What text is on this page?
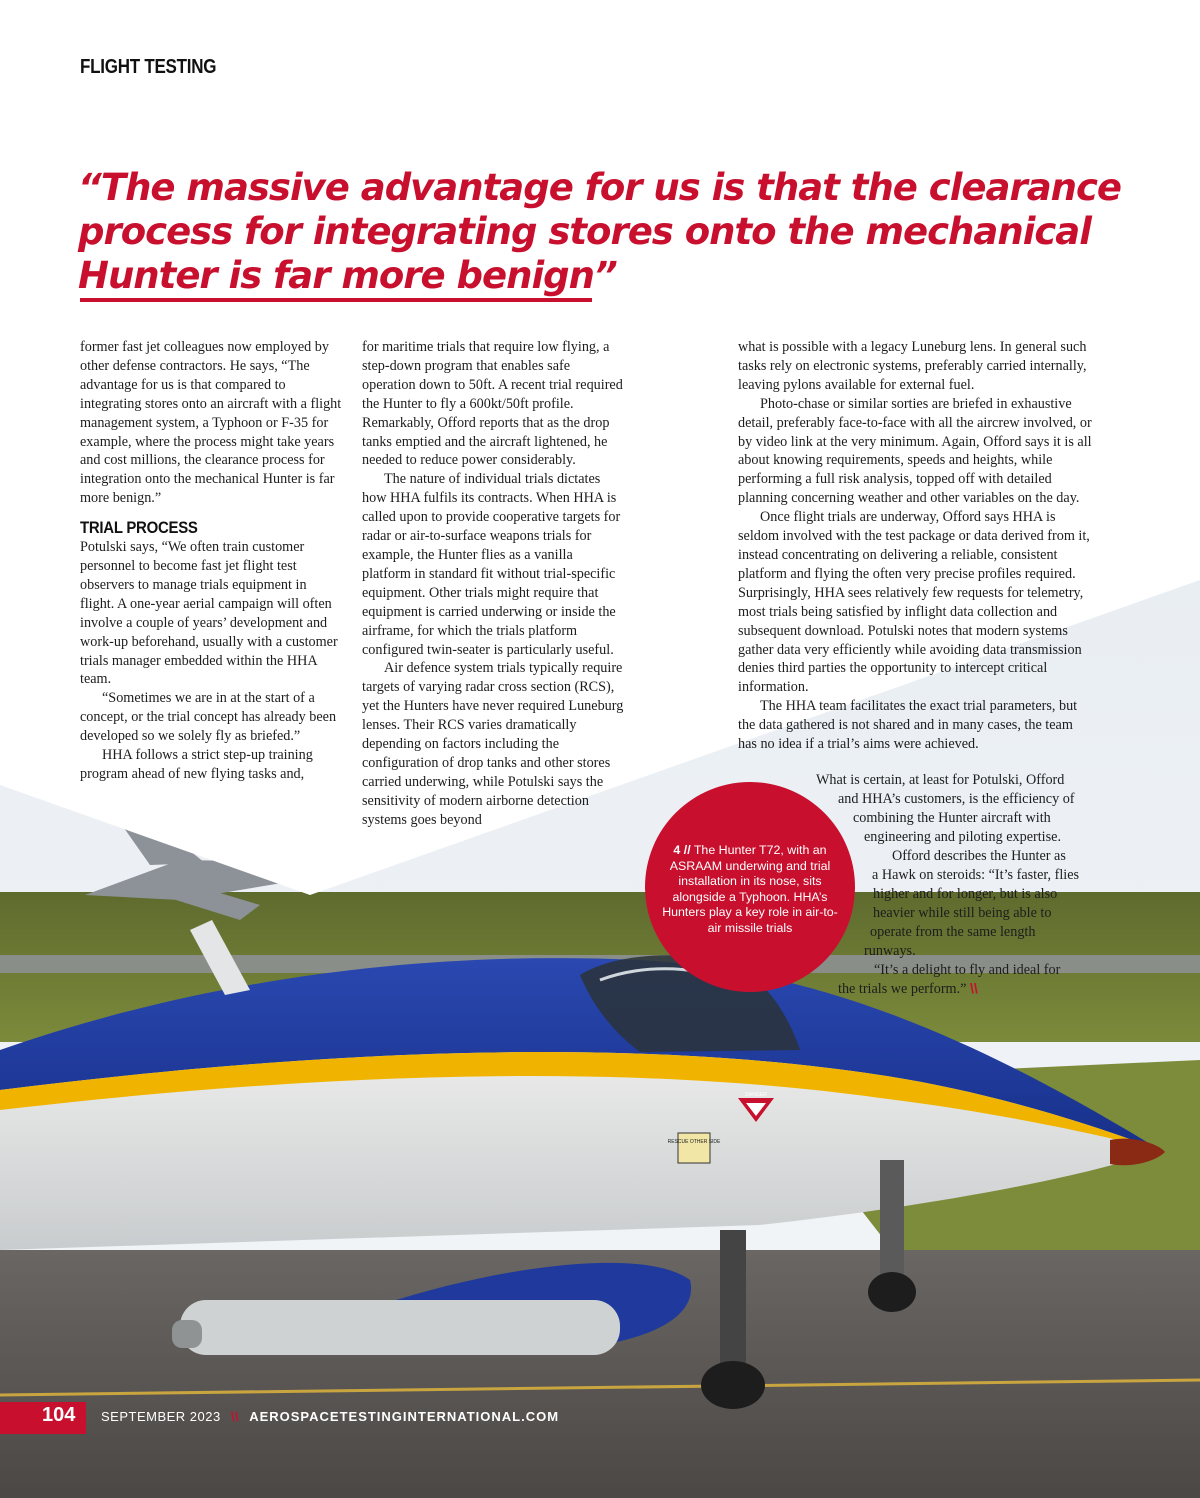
RESCUE OTHER SIDE
DANGER
FLIGHT TESTING
“The massive advantage for us is that the clearance
process for integrating stores onto the mechanical
Hunter is far more benign”

former fast jet colleagues now employed by other defense contractors. He says, “The advantage for us is that compared to integrating stores onto an aircraft with a flight management system, a Typhoon or F-35 for example, where the process might take years and cost millions, the clearance process for integration onto the mechanical Hunter is far more benign.”

TRIAL PROCESS

Potulski says, “We often train customer personnel to become fast jet flight test observers to manage trials equipment in flight. A one-year aerial campaign will often involve a couple of years’ development and work-up beforehand, usually with a customer trials manager embedded within the HHA team.

“Sometimes we are in at the start of a concept, or the trial concept has already been developed so we solely fly as briefed.”

HHA follows a strict step-up training program ahead of new flying tasks and,

for maritime trials that require low flying, a step-down program that enables safe operation down to 50ft. A recent trial required the Hunter to fly a 600kt/50ft profile. Remarkably, Offord reports that as the drop tanks emptied and the aircraft lightened, he needed to reduce power considerably.

The nature of individual trials dictates how HHA fulfils its contracts. When HHA is called upon to provide cooperative targets for radar or air-to-surface weapons trials for example, the Hunter flies as a vanilla platform in standard fit without trial-specific equipment. Other trials might require that equipment is carried underwing or inside the airframe, for which the trials platform configured twin-seater is particularly useful.

Air defence system trials typically require targets of varying radar cross section (RCS), yet the Hunters have never required Luneburg lenses. Their RCS varies dramatically depending on factors including the configuration of drop tanks and other stores carried underwing, while Potulski says the sensitivity of modern airborne detection systems goes beyond

what is possible with a legacy Luneburg lens. In general such tasks rely on electronic systems, preferably carried internally, leaving pylons available for external fuel.

Photo-chase or similar sorties are briefed in exhaustive detail, preferably face-to-face with all the aircrew involved, or by video link at the very minimum. Again, Offord says it is all about knowing requirements, speeds and heights, while performing a full risk analysis, topped off with detailed planning concerning weather and other variables on the day.

Once flight trials are underway, Offord says HHA is seldom involved with the test package or data derived from it, instead concentrating on delivering a reliable, consistent platform and flying the often very precise profiles required. Surprisingly, HHA sees relatively few requests for telemetry, most trials being satisfied by inflight data collection and subsequent download. Potulski notes that modern systems gather data very efficiently while avoiding data transmission denies third parties the opportunity to intercept critical information.

The HHA team facilitates the exact trial parameters, but the data gathered is not shared and in many cases, the team has no idea if a trial’s aims were achieved.

4 // The Hunter T72, with an ASRAAM underwing and trial installation in its nose, sits alongside a Typhoon. HHA’s Hunters play a key role in air-to-air missile trials
What is certain, at least for Potulski, Offord
and HHA’s customers, is the efficiency of
combining the Hunter aircraft with
engineering and piloting expertise.
Offord describes the Hunter as
a Hawk on steroids: “It’s faster, flies
higher and for longer, but is also
heavier while still being able to
operate from the same length
runways.
“It’s a delight to fly and ideal for
the trials we perform.” \\
104 SEPTEMBER 2023 \\ AEROSPACETESTINGINTERNATIONAL.COM
